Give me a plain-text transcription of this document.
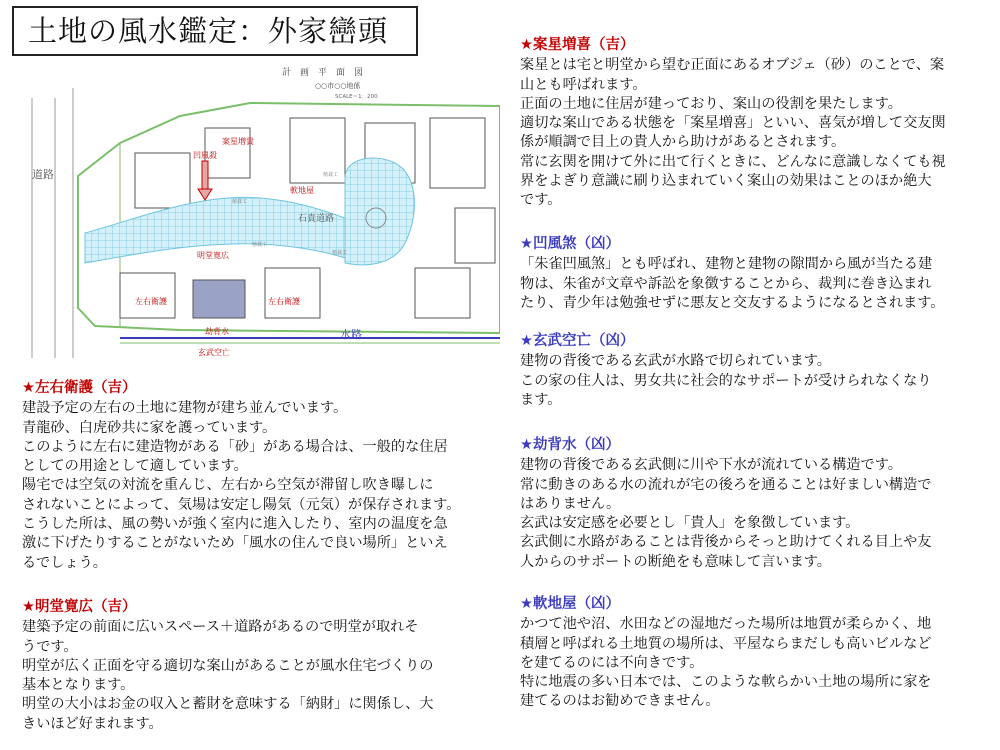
土地の風水鑑定：外家巒頭
道路
計　画　平　面　図
○○市○○地係
SCALE＝1：200
案星増貴
凹風殺
軟地屋
石貴道路
明堂寛広
左右衛護	左右衛護
劫背水	水路
玄武空亡
植栽工
植栽工
植栽工
植栽工
★左右衛護（吉）

建設予定の左右の土地に建物が建ち並んでいます。

青龍砂、白虎砂共に家を護っています。

このように左右に建造物がある「砂」がある場合は、一般的な住居

としての用途として適しています。

陽宅では空気の対流を重んじ、左右から空気が滞留し吹き曝しに

されないことによって、気場は安定し陽気（元気）が保存されます。

こうした所は、風の勢いが強く室内に進入したり、室内の温度を急

激に下げたりすることがないため「風水の住んで良い場所」といえ

るでしょう。

★明堂寛広（吉）

建築予定の前面に広いスペース＋道路があるので明堂が取れそ

うです。

明堂が広く正面を守る適切な案山があることが風水住宅づくりの

基本となります。

明堂の大小はお金の収入と蓄財を意味する「納財」に関係し、大

きいほど好まれます。

★案星増喜（吉）

案星とは宅と明堂から望む正面にあるオブジェ（砂）のことで、案

山とも呼ばれます。

正面の土地に住居が建っており、案山の役割を果たします。

適切な案山である状態を「案星増喜」といい、喜気が増して交友関

係が順調で目上の貴人から助けがあるとされます。

常に玄関を開けて外に出て行くときに、どんなに意識しなくても視

界をよぎり意識に刷り込まれていく案山の効果はことのほか絶大

です。

★凹風煞（凶）

「朱雀凹風煞」とも呼ばれ、建物と建物の隙間から風が当たる建

物は、朱雀が文章や訴訟を象徴することから、裁判に巻き込まれ

たり、青少年は勉強せずに悪友と交友するようになるとされます。

★玄武空亡（凶）

建物の背後である玄武が水路で切られています。

この家の住人は、男女共に社会的なサポートが受けられなくなり

ます。

★劫背水（凶）

建物の背後である玄武側に川や下水が流れている構造です。

常に動きのある水の流れが宅の後ろを通ることは好ましい構造で

はありません。

玄武は安定感を必要とし「貴人」を象徴しています。

玄武側に水路があることは背後からそっと助けてくれる目上や友

人からのサポートの断絶をも意味して言います。

★軟地屋（凶）

かつて池や沼、水田などの湿地だった場所は地質が柔らかく、地

積層と呼ばれる土地質の場所は、平屋ならまだしも高いビルなど

を建てるのには不向きです。

特に地震の多い日本では、このような軟らかい土地の場所に家を

建てるのはお勧めできません。
